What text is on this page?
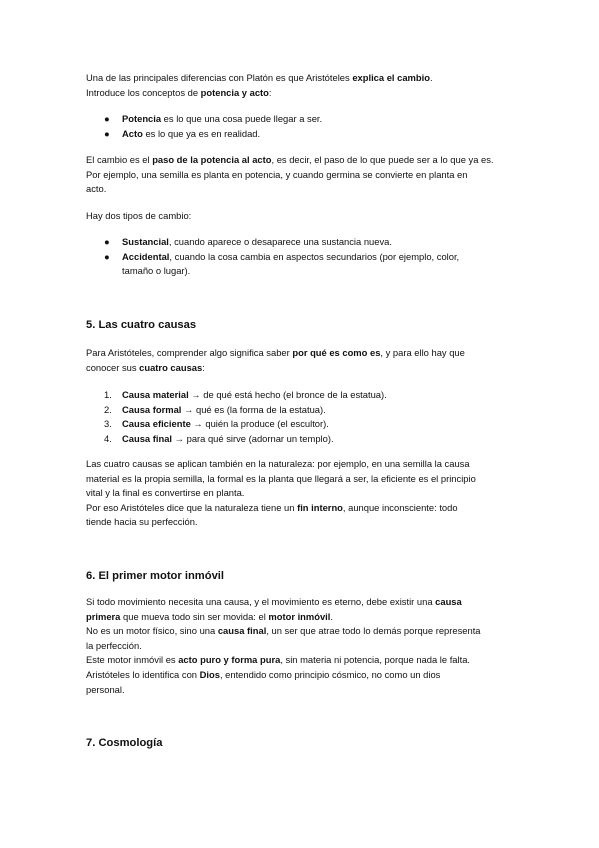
Una de las principales diferencias con Platón es que Aristóteles explica el cambio.
Introduce los conceptos de potencia y acto:

● Potencia es lo que una cosa puede llegar a ser.
● Acto es lo que ya es en realidad.

El cambio es el paso de la potencia al acto, es decir, el paso de lo que puede ser a lo que ya es.
Por ejemplo, una semilla es planta en potencia, y cuando germina se convierte en planta en
acto.

Hay dos tipos de cambio:

● Sustancial, cuando aparece o desaparece una sustancia nueva.
● Accidental, cuando la cosa cambia en aspectos secundarios (por ejemplo, color,
tamaño o lugar).
5. Las cuatro causas

Para Aristóteles, comprender algo significa saber por qué es como es, y para ello hay que
conocer sus cuatro causas:

1. Causa material → de qué está hecho (el bronce de la estatua).
2. Causa formal → qué es (la forma de la estatua).
3. Causa eficiente → quién la produce (el escultor).
4. Causa final → para qué sirve (adornar un templo).

Las cuatro causas se aplican también en la naturaleza: por ejemplo, en una semilla la causa
material es la propia semilla, la formal es la planta que llegará a ser, la eficiente es el principio
vital y la final es convertirse en planta.
Por eso Aristóteles dice que la naturaleza tiene un fin interno, aunque inconsciente: todo
tiende hacia su perfección.

6. El primer motor inmóvil

Si todo movimiento necesita una causa, y el movimiento es eterno, debe existir una causa
primera que mueva todo sin ser movida: el motor inmóvil.
No es un motor físico, sino una causa final, un ser que atrae todo lo demás porque representa
la perfección.
Este motor inmóvil es acto puro y forma pura, sin materia ni potencia, porque nada le falta.
Aristóteles lo identifica con Dios, entendido como principio cósmico, no como un dios
personal.

7. Cosmología
